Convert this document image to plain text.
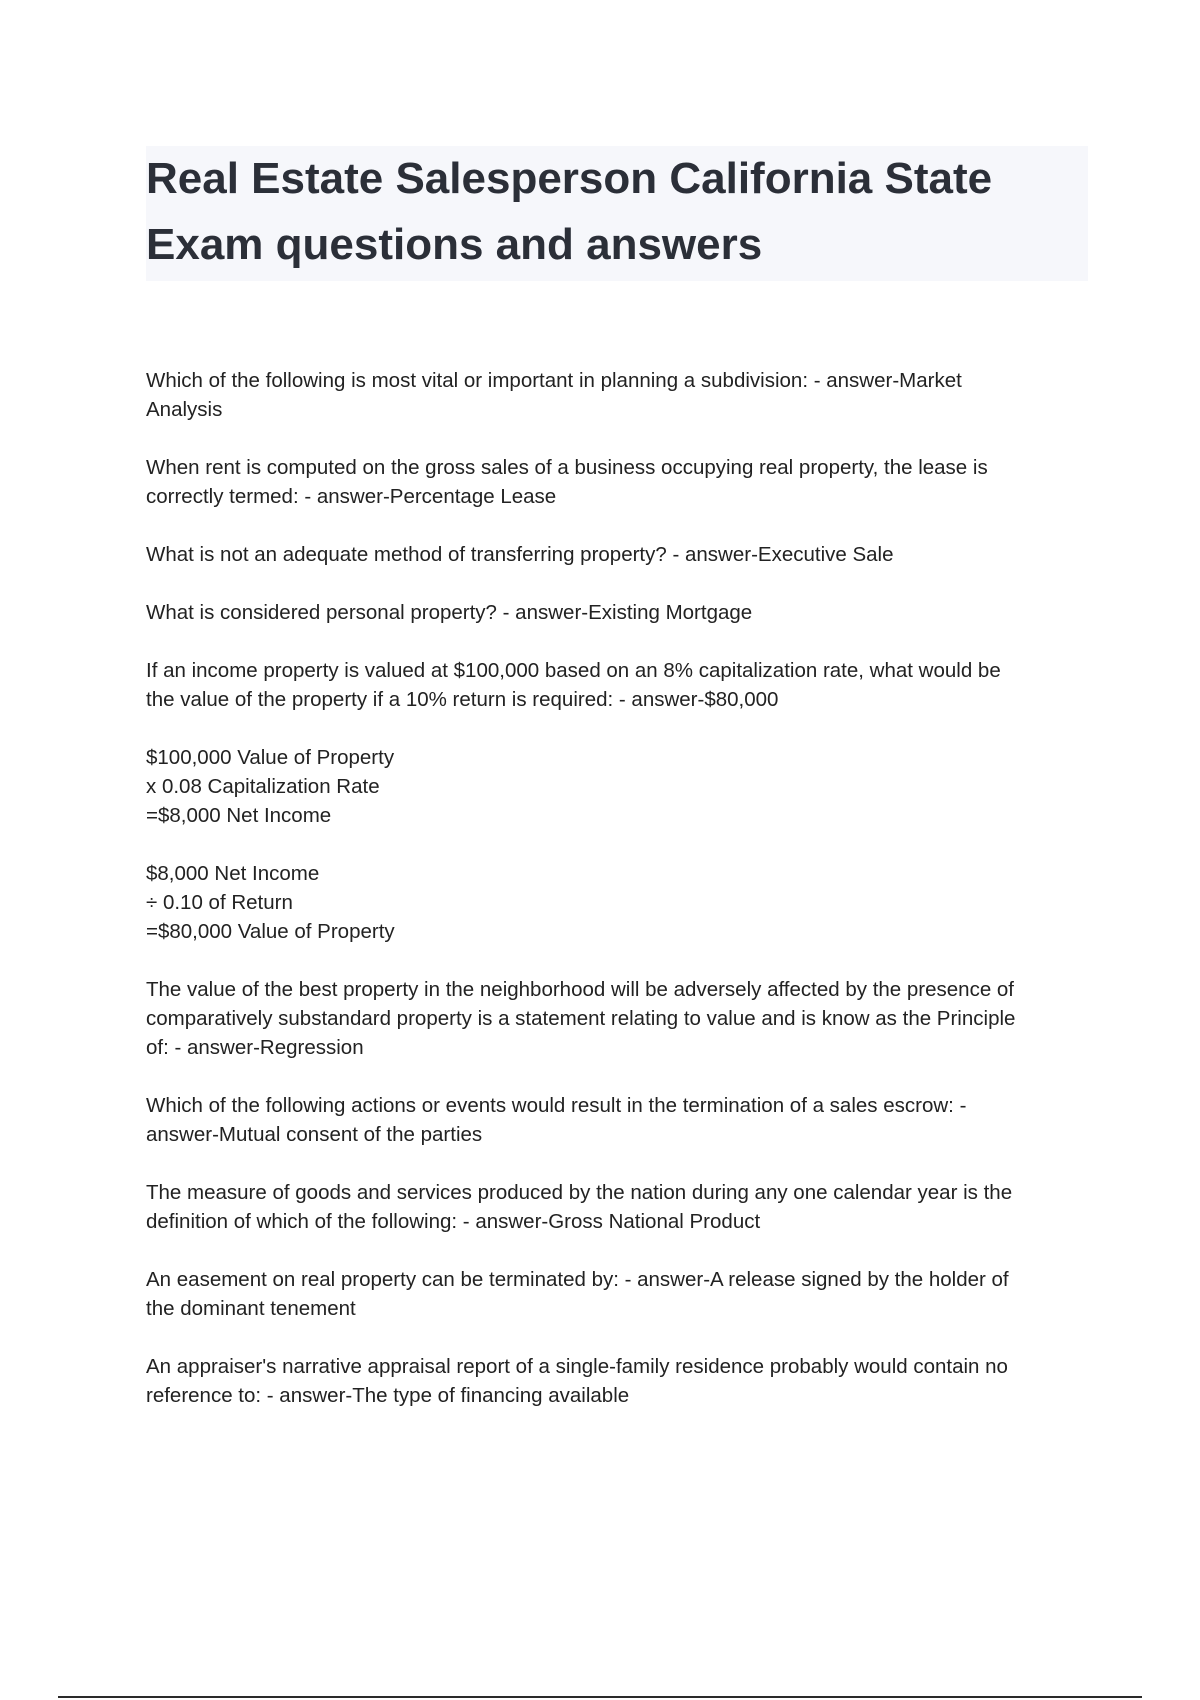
Real Estate Salesperson California State
Exam questions and answers
Which of the following is most vital or important in planning a subdivision: - answer-Market
Analysis
When rent is computed on the gross sales of a business occupying real property, the lease is
correctly termed: - answer-Percentage Lease
What is not an adequate method of transferring property? - answer-Executive Sale
What is considered personal property? - answer-Existing Mortgage
If an income property is valued at $100,000 based on an 8% capitalization rate, what would be
the value of the property if a 10% return is required: - answer-$80,000
$100,000 Value of Property
x 0.08 Capitalization Rate
=$8,000 Net Income
$8,000 Net Income
÷ 0.10 of Return
=$80,000 Value of Property
The value of the best property in the neighborhood will be adversely affected by the presence of
comparatively substandard property is a statement relating to value and is know as the Principle
of: - answer-Regression
Which of the following actions or events would result in the termination of a sales escrow: -
answer-Mutual consent of the parties
The measure of goods and services produced by the nation during any one calendar year is the
definition of which of the following: - answer-Gross National Product
An easement on real property can be terminated by: - answer-A release signed by the holder of
the dominant tenement
An appraiser's narrative appraisal report of a single-family residence probably would contain no
reference to: - answer-The type of financing available
